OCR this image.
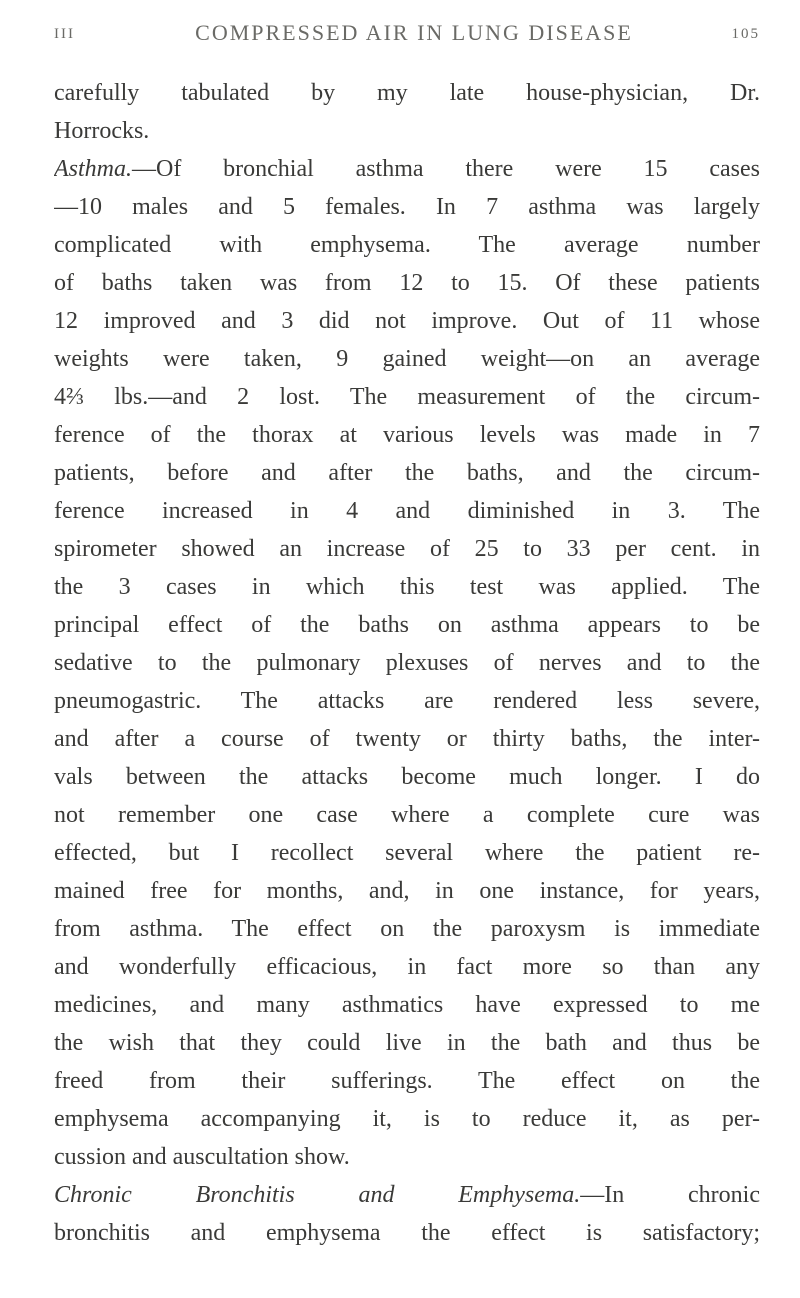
III	COMPRESSED AIR IN LUNG DISEASE	105
carefully tabulated by my late house-physician, Dr.
Horrocks.
Asthma.—Of bronchial asthma there were 15 cases
—10 males and 5 females. In 7 asthma was largely
complicated with emphysema. The average number
of baths taken was from 12 to 15. Of these patients
12 improved and 3 did not improve. Out of 11 whose
weights were taken, 9 gained weight—on an average
4⅔ lbs.—and 2 lost. The measurement of the circum-
ference of the thorax at various levels was made in 7
patients, before and after the baths, and the circum-
ference increased in 4 and diminished in 3. The
spirometer showed an increase of 25 to 33 per cent. in
the 3 cases in which this test was applied. The
principal effect of the baths on asthma appears to be
sedative to the pulmonary plexuses of nerves and to the
pneumogastric. The attacks are rendered less severe,
and after a course of twenty or thirty baths, the inter-
vals between the attacks become much longer. I do
not remember one case where a complete cure was
effected, but I recollect several where the patient re-
mained free for months, and, in one instance, for years,
from asthma. The effect on the paroxysm is immediate
and wonderfully efficacious, in fact more so than any
medicines, and many asthmatics have expressed to me
the wish that they could live in the bath and thus be
freed from their sufferings. The effect on the
emphysema accompanying it, is to reduce it, as per-
cussion and auscultation show.
Chronic Bronchitis and Emphysema.—In chronic
bronchitis and emphysema the effect is satisfactory;
